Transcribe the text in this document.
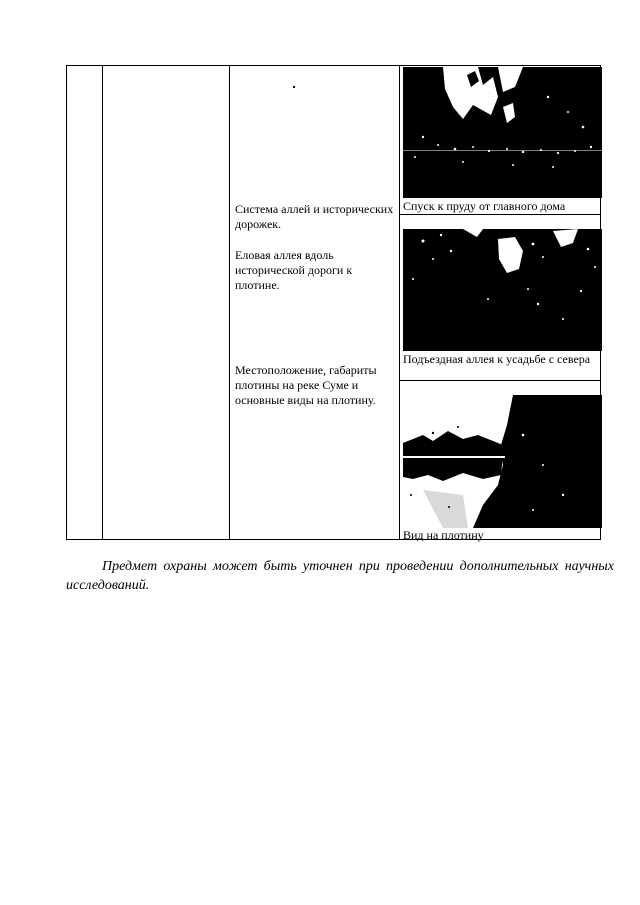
Система аллей и исторических дорожек.

Еловая аллея вдоль исторической дороги к плотине.

Местоположение, габариты плотины на реке Суме и основные виды на плотину.

Спуск к пруду от главного дома

Подъездная аллея к усадьбе с севера

Вид на плотину

Предмет охраны может быть уточнен при проведении дополнительных научных исследований.
